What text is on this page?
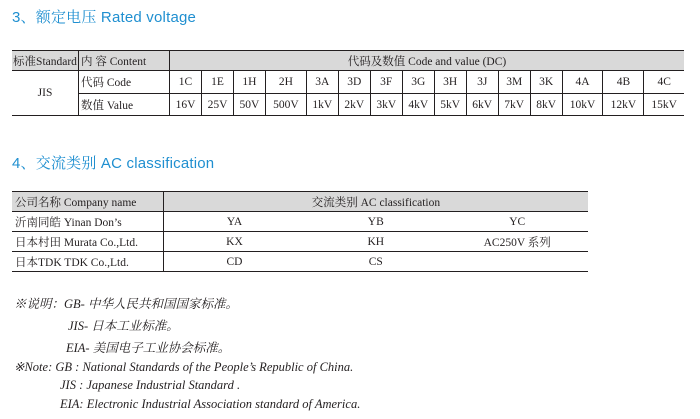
3、额定电压 Rated voltage
标准Standard	内 容 Content	代码及数值 Code and value (DC)														
JIS	代码 Code	1C	1E	1H	2H	3A	3D	3F	3G	3H	3J	3M	3K	4A	4B	4C
	数值 Value	16V	25V	50V	500V	1kV	2kV	3kV	4kV	5kV	6kV	7kV	8kV	10kV	12kV	15kV
4、交流类别 AC classification
公司名称 Company name	交流类别 AC classification		
沂南同皓 Yinan Don’s	YA	YB	YC
日本村田 Murata Co.,Ltd.	KX	KH	AC250V 系列
日本TDK TDK Co.,Ltd.	CD	CS	
※说明：GB- 中华人民共和国国家标准。
JIS- 日本工业标准。
EIA- 美国电子工业协会标准。
※Note: GB : National Standards of the People’s Republic of China.
JIS : Japanese Industrial Standard .
EIA: Electronic Industrial Association standard of America.
